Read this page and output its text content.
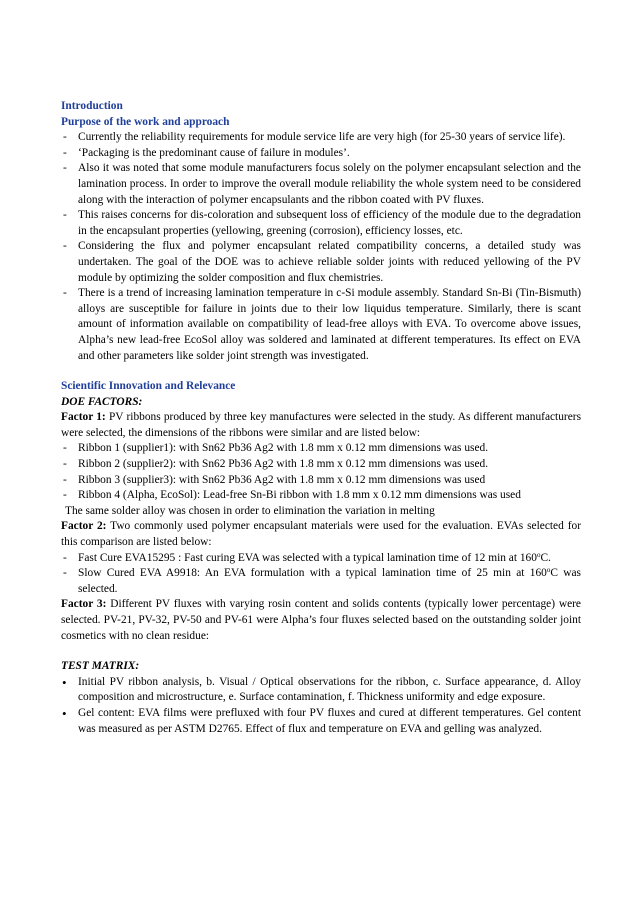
Introduction

Purpose of the work and approach

- Currently the reliability requirements for module service life are very high (for 25-30 years of service life).
- ‘Packaging is the predominant cause of failure in modules’.
- Also it was noted that some module manufacturers focus solely on the polymer encapsulant selection and the lamination process. In order to improve the overall module reliability the whole system need to be considered along with the interaction of polymer encapsulants and the ribbon coated with PV fluxes.
- This raises concerns for dis-coloration and subsequent loss of efficiency of the module due to the degradation in the encapsulant properties (yellowing, greening (corrosion), efficiency losses, etc.
- Considering the flux and polymer encapsulant related compatibility concerns, a detailed study was undertaken. The goal of the DOE was to achieve reliable solder joints with reduced yellowing of the PV module by optimizing the solder composition and flux chemistries.
- There is a trend of increasing lamination temperature in c-Si module assembly. Standard Sn-Bi (Tin-Bismuth) alloys are susceptible for failure in joints due to their low liquidus temperature. Similarly, there is scant amount of information available on compatibility of lead-free alloys with EVA. To overcome above issues, Alpha’s new lead-free EcoSol alloy was soldered and laminated at different temperatures. Its effect on EVA and other parameters like solder joint strength was investigated.

Scientific Innovation and Relevance

DOE FACTORS:

Factor 1: PV ribbons produced by three key manufactures were selected in the study. As different manufacturers were selected, the dimensions of the ribbons were similar and are listed below:

- Ribbon 1 (supplier1): with Sn62 Pb36 Ag2 with 1.8 mm x 0.12 mm dimensions was used.
- Ribbon 2 (supplier2): with Sn62 Pb36 Ag2 with 1.8 mm x 0.12 mm dimensions was used.
- Ribbon 3 (supplier3): with Sn62 Pb36 Ag2 with 1.8 mm x 0.12 mm dimensions was used
- Ribbon 4 (Alpha, EcoSol): Lead-free Sn-Bi ribbon with 1.8 mm x 0.12 mm dimensions was used

The same solder alloy was chosen in order to elimination the variation in melting

Factor 2: Two commonly used polymer encapsulant materials were used for the evaluation. EVAs selected for this comparison are listed below:

- Fast Cure EVA15295 : Fast curing EVA was selected with a typical lamination time of 12 min at 160$^o$C.
- Slow Cured EVA A9918: An EVA formulation with a typical lamination time of 25 min at 160$^o$C was selected.

Factor 3: Different PV fluxes with varying rosin content and solids contents (typically lower percentage) were selected. PV-21, PV-32, PV-50 and PV-61 were Alpha’s four fluxes selected based on the outstanding solder joint cosmetics with no clean residue:

TEST MATRIX:

• Initial PV ribbon analysis, b. Visual / Optical observations for the ribbon, c. Surface appearance, d. Alloy composition and microstructure, e. Surface contamination, f. Thickness uniformity and edge exposure.
• Gel content: EVA films were prefluxed with four PV fluxes and cured at different temperatures. Gel content was measured as per ASTM D2765. Effect of flux and temperature on EVA and gelling was analyzed.
